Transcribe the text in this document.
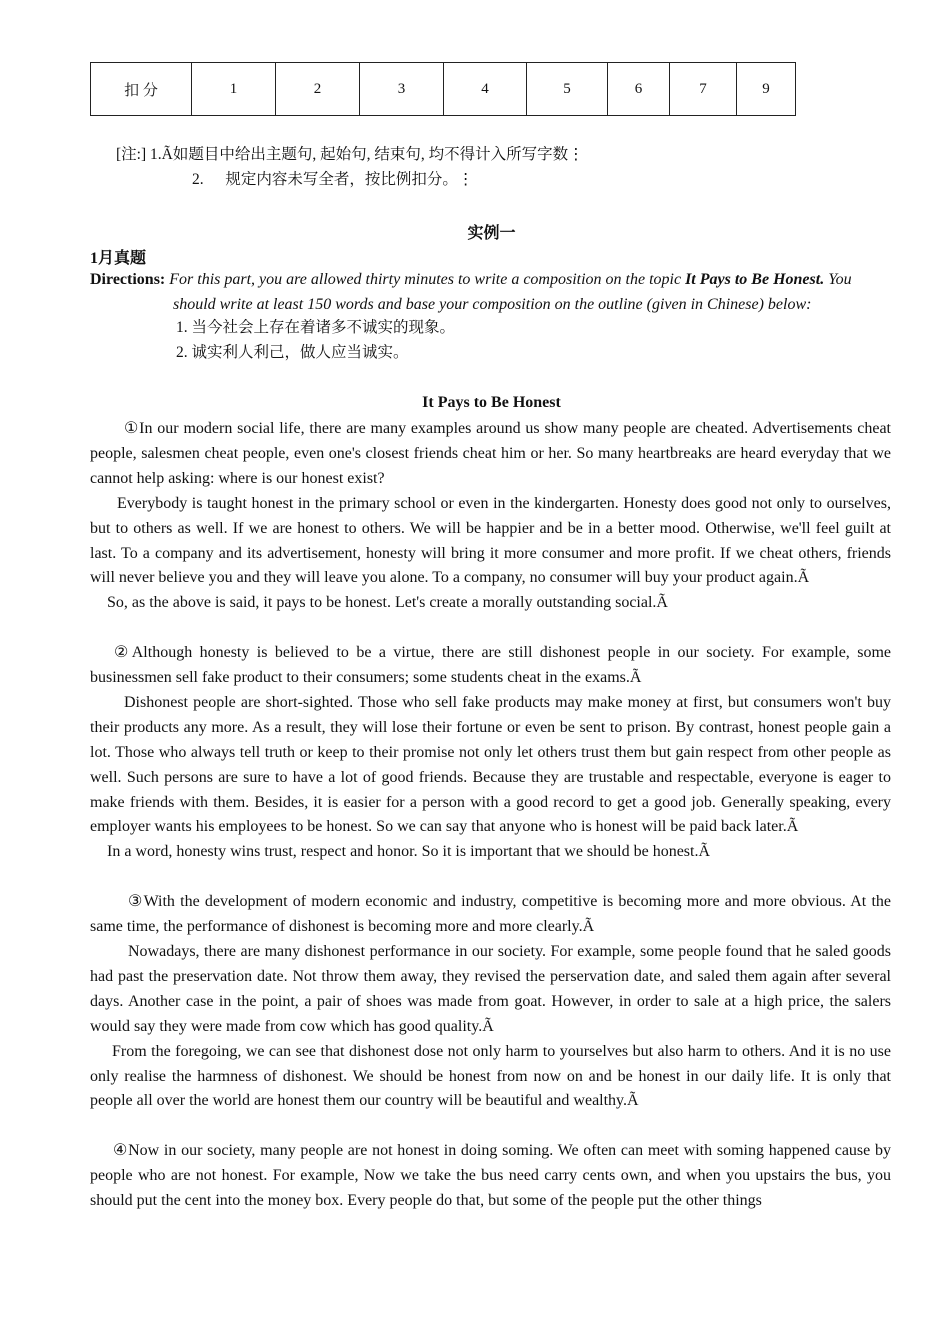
扣 分	1	2	3	4	5	6	7	9
[注:] 1.Ã如题目中给出主题句, 起始句, 结束句, 均不得计入所写字数⋮
2. 规定内容未写全者，按比例扣分。⋮
实例一
1月真题
Directions: For this part, you are allowed thirty minutes to write a composition on the topic It Pays to Be Honest. You
should write at least 150 words and base your composition on the outline (given in Chinese) below:
1. 当今社会上存在着诸多不诚实的现象。
2. 诚实利人利己，做人应当诚实。
It Pays to Be Honest

①In our modern social life, there are many examples around us show many people are cheated. Advertisements cheat people, salesmen cheat people, even one's closest friends cheat him or her. So many heartbreaks are heard everyday that we cannot help asking: where is our honest exist?

Everybody is taught honest in the primary school or even in the kindergarten. Honesty does good not only to ourselves, but to others as well. If we are honest to others. We will be happier and be in a better mood. Otherwise, we'll feel guilt at last. To a company and its advertisement, honesty will bring it more consumer and more profit. If we cheat others, friends will never believe you and they will leave you alone. To a company, no consumer will buy your product again.Ã

So, as the above is said, it pays to be honest. Let's create a morally outstanding social.Ã

②Although honesty is believed to be a virtue, there are still dishonest people in our society. For example, some businessmen sell fake product to their consumers; some students cheat in the exams.Ã

Dishonest people are short-sighted. Those who sell fake products may make money at first, but consumers won't buy their products any more. As a result, they will lose their fortune or even be sent to prison. By contrast, honest people gain a lot. Those who always tell truth or keep to their promise not only let others trust them but gain respect from other people as well. Such persons are sure to have a lot of good friends. Because they are trustable and respectable, everyone is eager to make friends with them. Besides, it is easier for a person with a good record to get a good job. Generally speaking, every employer wants his employees to be honest. So we can say that anyone who is honest will be paid back later.Ã

In a word, honesty wins trust, respect and honor. So it is important that we should be honest.Ã

③With the development of modern economic and industry, competitive is becoming more and more obvious. At the same time, the performance of dishonest is becoming more and more clearly.Ã

Nowadays, there are many dishonest performance in our society. For example, some people found that he saled goods had past the preservation date. Not throw them away, they revised the perservation date, and saled them again after several days. Another case in the point, a pair of shoes was made from goat. However, in order to sale at a high price, the salers would say they were made from cow which has good quality.Ã

From the foregoing, we can see that dishonest dose not only harm to yourselves but also harm to others. And it is no use only realise the harmness of dishonest. We should be honest from now on and be honest in our daily life. It is only that people all over the world are honest them our country will be beautiful and wealthy.Ã

④Now in our society, many people are not honest in doing soming. We often can meet with soming happened cause by people who are not honest. For example, Now we take the bus need carry cents own, and when you upstairs the bus, you should put the cent into the money box. Every people do that, but some of the people put the other things
